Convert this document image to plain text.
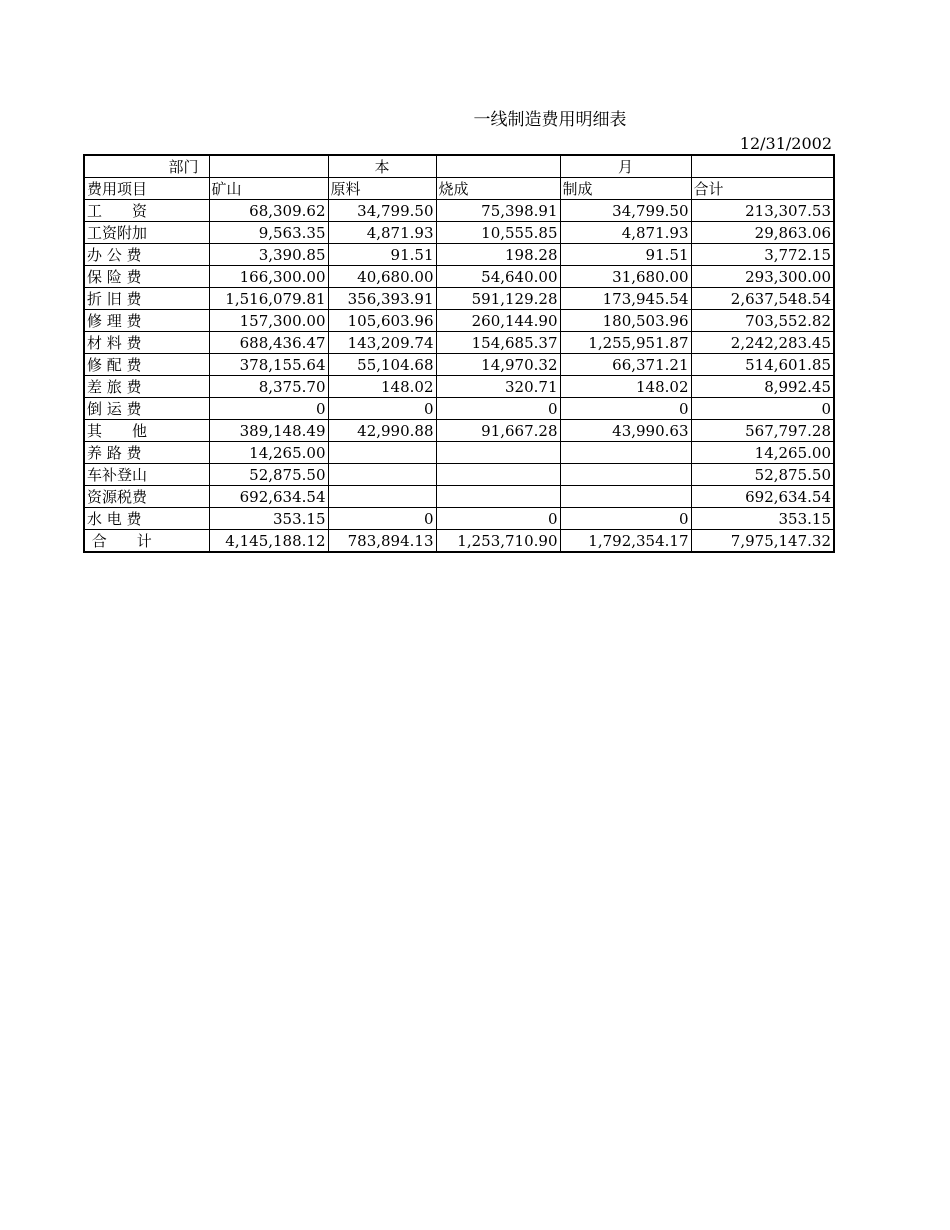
一线制造费用明细表
12/31/2002
部门		本		月	
费用项目	矿山	原料	烧成	制成	合计
工　　资	68,309.62	34,799.50	75,398.91	34,799.50	213,307.53
工资附加	9,563.35	4,871.93	10,555.85	4,871.93	29,863.06
办 公 费	3,390.85	91.51	198.28	91.51	3,772.15
保 险 费	166,300.00	40,680.00	54,640.00	31,680.00	293,300.00
折 旧 费	1,516,079.81	356,393.91	591,129.28	173,945.54	2,637,548.54
修 理 费	157,300.00	105,603.96	260,144.90	180,503.96	703,552.82
材 料 费	688,436.47	143,209.74	154,685.37	1,255,951.87	2,242,283.45
修 配 费	378,155.64	55,104.68	14,970.32	66,371.21	514,601.85
差 旅 费	8,375.70	148.02	320.71	148.02	8,992.45
倒 运 费	0	0	0	0	0
其　　他	389,148.49	42,990.88	91,667.28	43,990.63	567,797.28
养 路 费	14,265.00				14,265.00
车补登山	52,875.50				52,875.50
资源税费	692,634.54				692,634.54
水 电 费	353.15	0	0	0	353.15
合　　计	4,145,188.12	783,894.13	1,253,710.90	1,792,354.17	7,975,147.32
